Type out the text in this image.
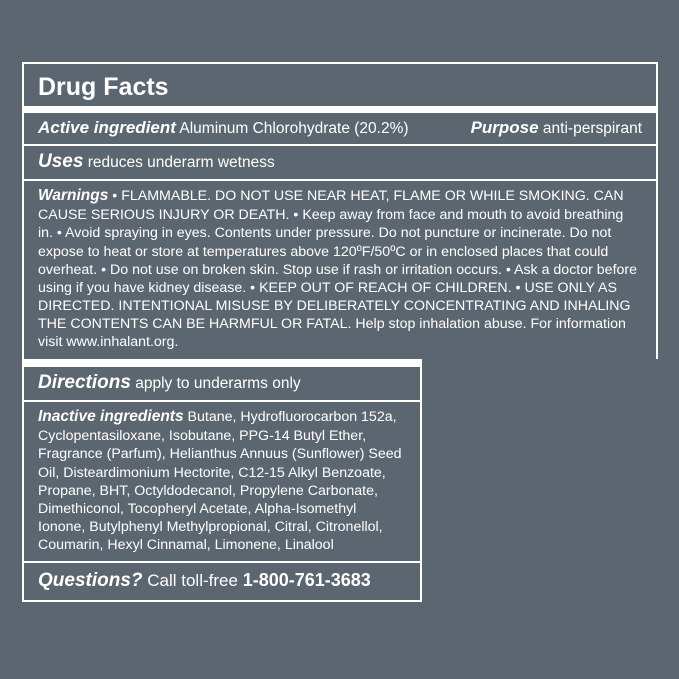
Drug Facts
Active ingredient Aluminum Chlorohydrate (20.2%)	Purpose anti-perspirant
Uses reduces underarm wetness
Warnings • FLAMMABLE. DO NOT USE NEAR HEAT, FLAME OR WHILE SMOKING. CAN CAUSE SERIOUS INJURY OR DEATH. • Keep away from face and mouth to avoid breathing in. • Avoid spraying in eyes. Contents under pressure. Do not puncture or incinerate. Do not expose to heat or store at temperatures above 120ºF/50ºC or in enclosed places that could overheat. • Do not use on broken skin. Stop use if rash or irritation occurs. • Ask a doctor before using if you have kidney disease. • KEEP OUT OF REACH OF CHILDREN. • USE ONLY AS DIRECTED. INTENTIONAL MISUSE BY DELIBERATELY CONCENTRATING AND INHALING THE CONTENTS CAN BE HARMFUL OR FATAL. Help stop inhalation abuse. For information visit www.inhalant.org.
Directions apply to underarms only
Inactive ingredients Butane, Hydrofluorocarbon 152a, Cyclopentasiloxane, Isobutane, PPG-14 Butyl Ether, Fragrance (Parfum), Helianthus Annuus (Sunflower) Seed Oil, Disteardimonium Hectorite, C12-15 Alkyl Benzoate, Propane, BHT, Octyldodecanol, Propylene Carbonate, Dimethiconol, Tocopheryl Acetate, Alpha-Isomethyl Ionone, Butylphenyl Methylpropional, Citral, Citronellol, Coumarin, Hexyl Cinnamal, Limonene, Linalool
Questions? Call toll-free 1-800-761-3683
